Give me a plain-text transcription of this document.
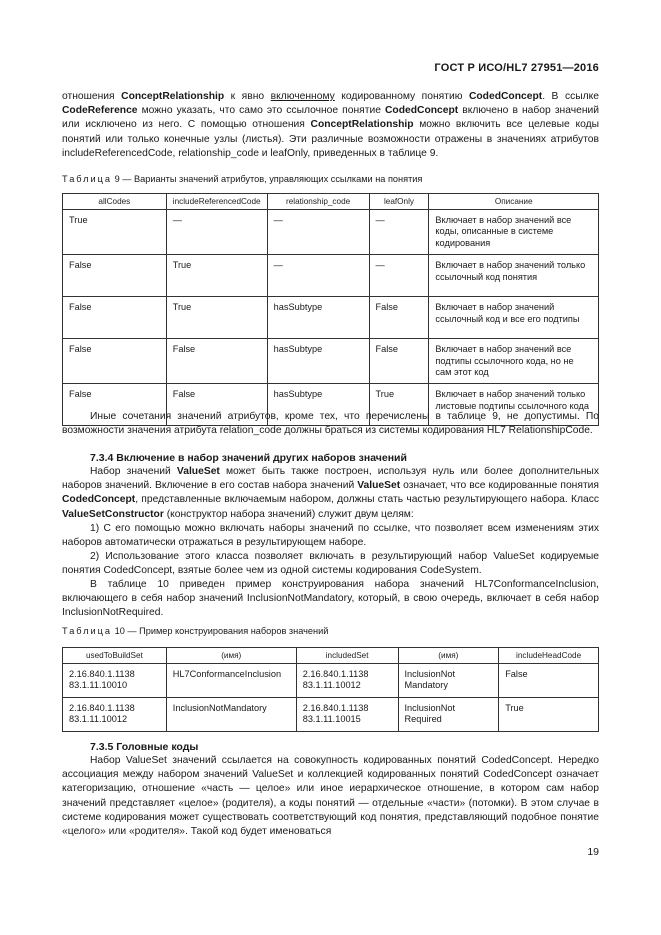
ГОСТ Р ИСО/HL7 27951—2016

отношения ConceptRelationship к явно включенному кодированному понятию CodedConcept. В ссылке CodeReference можно указать, что само это ссылочное понятие CodedConcept включено в набор значений или исключено из него. С помощью отношения ConceptRelationship можно включить все целевые коды понятий или только конечные узлы (листья). Эти различные возможности отражены в значениях атрибутов includeReferencedCode, relationship_code и leafOnly, приведенных в таблице 9.

Таблица 9 — Варианты значений атрибутов, управляющих ссылками на понятия
allCodes	includeReferencedCode	relationship_code	leafOnly	Описание
True	—	—	—	Включает в набор значений все коды, описанные в системе кодирования
False	True	—	—	Включает в набор значений только ссылочный код понятия
False	True	hasSubtype	False	Включает в набор значений ссылочный код и все его подтипы
False	False	hasSubtype	False	Включает в набор значений все подтипы ссылочного кода, но не сам этот код
False	False	hasSubtype	True	Включает в набор значений только листовые подтипы ссылочного кода

Иные сочетания значений атрибутов, кроме тех, что перечислены в таблице 9, не допустимы. По возможности значения атрибута relation_code должны браться из системы кодирования HL7 RelationshipCode.

7.3.4 Включение в набор значений других наборов значений

Набор значений ValueSet может быть также построен, используя нуль или более дополнительных наборов значений. Включение в его состав набора значений ValueSet означает, что все кодированные понятия CodedConcept, представленные включаемым набором, должны стать частью результирующего набора. Класс ValueSetConstructor (конструктор набора значений) служит двум целям:

1) С его помощью можно включать наборы значений по ссылке, что позволяет всем изменениям этих наборов автоматически отражаться в результирующем наборе.

2) Использование этого класса позволяет включать в результирующий набор ValueSet кодируемые понятия CodedConcept, взятые более чем из одной системы кодирования CodeSystem.

В таблице 10 приведен пример конструирования набора значений HL7ConformanceInclusion, включающего в себя набор значений InclusionNotMandatory, который, в свою очередь, включает в себя набор InclusionNotRequired.

Таблица 10 — Пример конструирования наборов значений
usedToBuildSet	(имя)	includedSet	(имя)	includeHeadCode
2.16.840.1.1138 83.1.11.10010	HL7ConformanceInclusion	2.16.840.1.1138 83.1.11.10012	InclusionNot Mandatory	False
2.16.840.1.1138 83.1.11.10012	InclusionNotMandatory	2.16.840.1.1138 83.1.11.10015	InclusionNot Required	True
7.3.5 Головные коды

Набор ValueSet значений ссылается на совокупность кодированных понятий CodedConcept. Нередко ассоциация между набором значений ValueSet и коллекцией кодированных понятий CodedConcept означает категоризацию, отношение «часть — целое» или иное иерархическое отношение, в котором сам набор значений представляет «целое» (родителя), а коды понятий — отдельные «части» (потомки). В этом случае в системе кодирования может существовать соответствующий код понятия, представляющий подобное понятие «целого» или «родителя». Такой код будет именоваться

19
